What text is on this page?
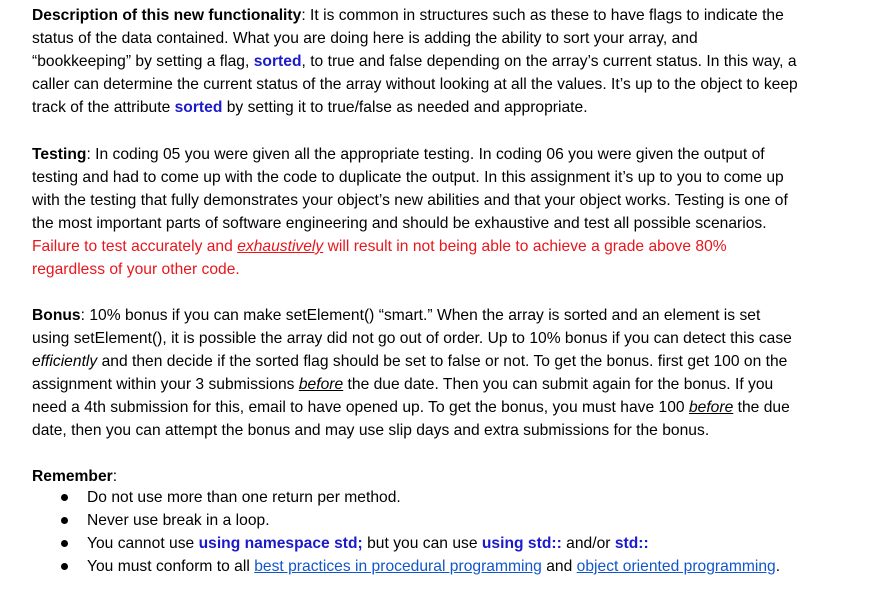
Description of this new functionality: It is common in structures such as these to have flags to indicate the
status of the data contained. What you are doing here is adding the ability to sort your array, and
“bookkeeping” by setting a flag, sorted, to true and false depending on the array’s current status. In this way, a
caller can determine the current status of the array without looking at all the values. It’s up to the object to keep
track of the attribute sorted by setting it to true/false as needed and appropriate.
Testing: In coding 05 you were given all the appropriate testing. In coding 06 you were given the output of
testing and had to come up with the code to duplicate the output. In this assignment it’s up to you to come up
with the testing that fully demonstrates your object’s new abilities and that your object works. Testing is one of
the most important parts of software engineering and should be exhaustive and test all possible scenarios.
Failure to test accurately and exhaustively will result in not being able to achieve a grade above 80%
regardless of your other code.
Bonus: 10% bonus if you can make setElement() “smart.” When the array is sorted and an element is set
using setElement(), it is possible the array did not go out of order. Up to 10% bonus if you can detect this case
efficiently and then decide if the sorted flag should be set to false or not. To get the bonus. first get 100 on the
assignment within your 3 submissions before the due date. Then you can submit again for the bonus. If you
need a 4th submission for this, email to have opened up. To get the bonus, you must have 100 before the due
date, then you can attempt the bonus and may use slip days and extra submissions for the bonus.
Remember:
Do not use more than one return per method.
Never use break in a loop.
You cannot use using namespace std; but you can use using std:: and/or std::
You must conform to all best practices in procedural programming and object oriented programming.
